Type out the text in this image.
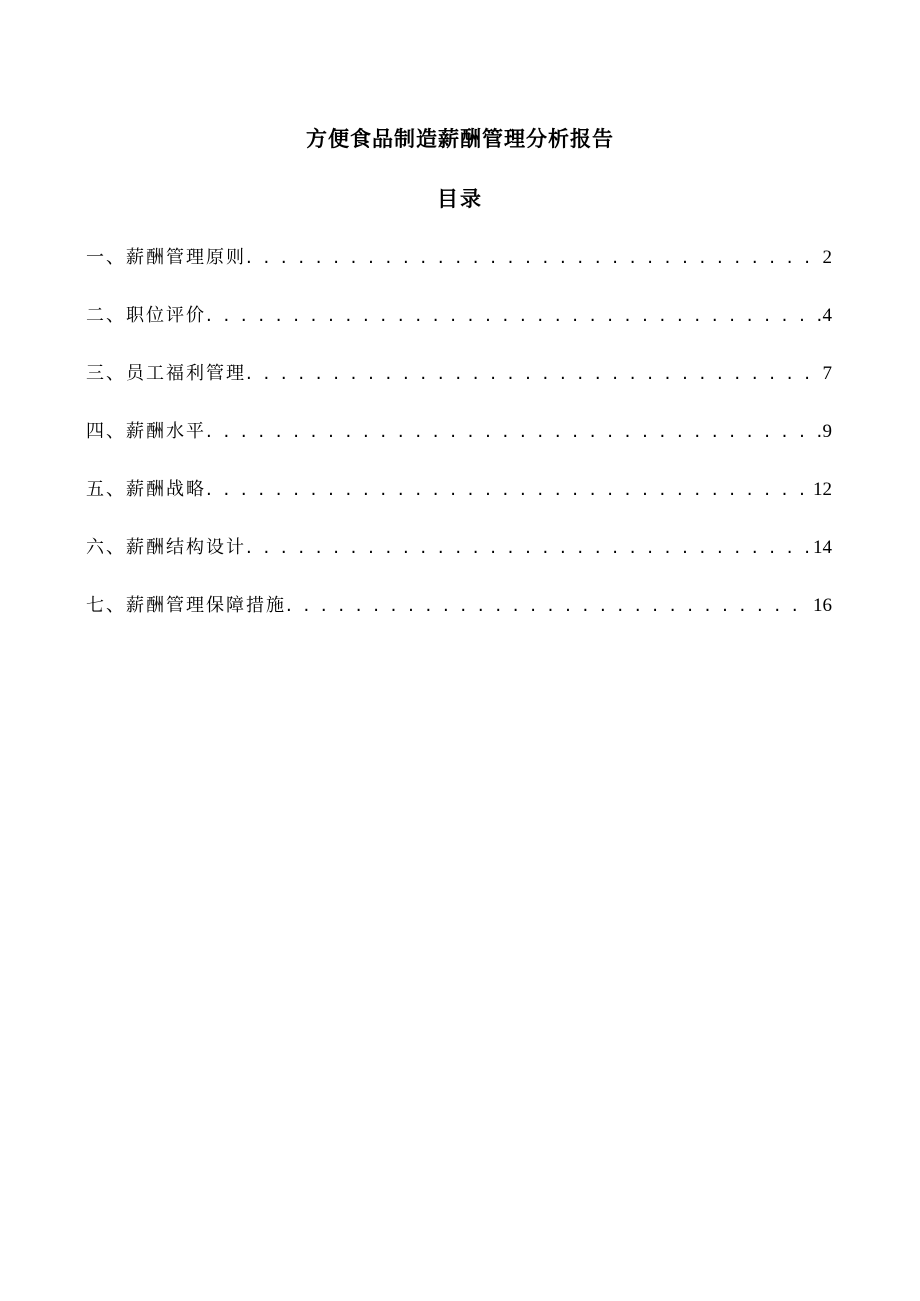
方便食品制造薪酬管理分析报告
目录
一、薪酬管理原则 . . .	2
二、职位评价 . . .	4
三、员工福利管理 . . .	7
四、薪酬水平 . . .	9
五、薪酬战略 . . .	12
六、薪酬结构设计 . . .	14
七、薪酬管理保障措施 . . .	16
